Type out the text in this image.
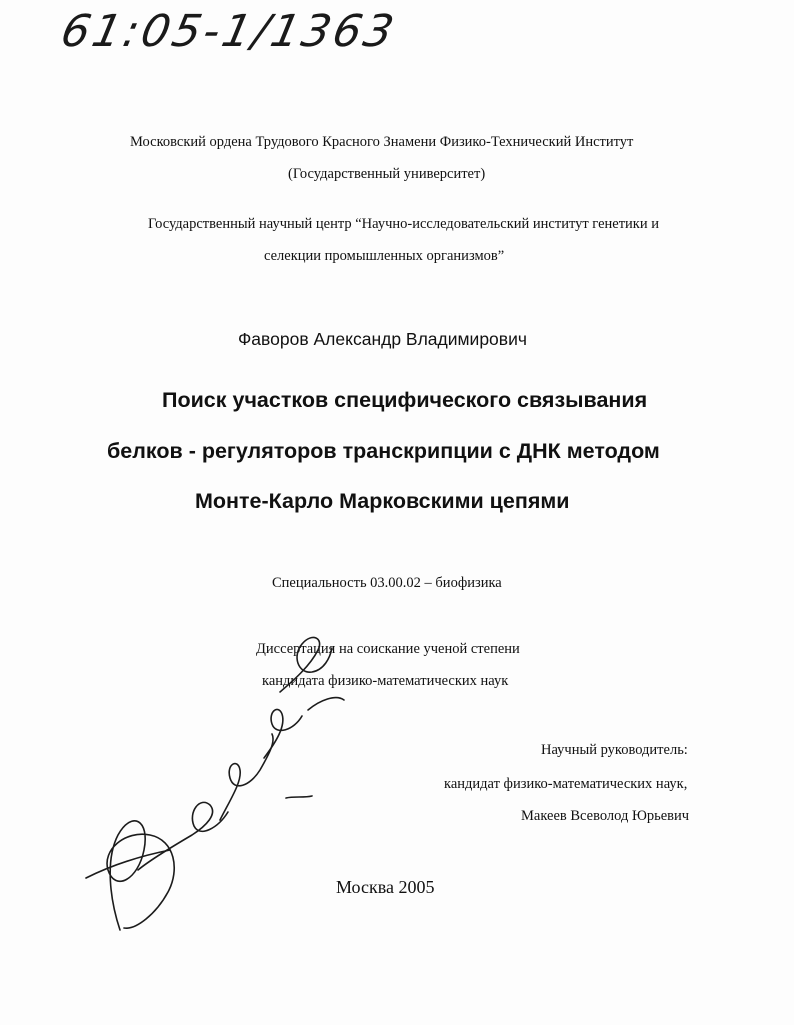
61:05-1/1363
Московский ордена Трудового Красного Знамени Физико-Технический Институт
(Государственный университет)
Государственный научный центр “Научно-исследовательский институт генетики и
селекции промышленных организмов”
Фаворов Александр Владимирович
Поиск участков специфического связывания
белков - регуляторов транскрипции с ДНК методом
Монте-Карло Марковскими цепями
Специальность 03.00.02 – биофизика
Диссертация на соискание ученой степени
кандидата физико-математических наук
Научный руководитель:
кандидат физико-математических наук,
Макеев Всеволод Юрьевич
Москва 2005
